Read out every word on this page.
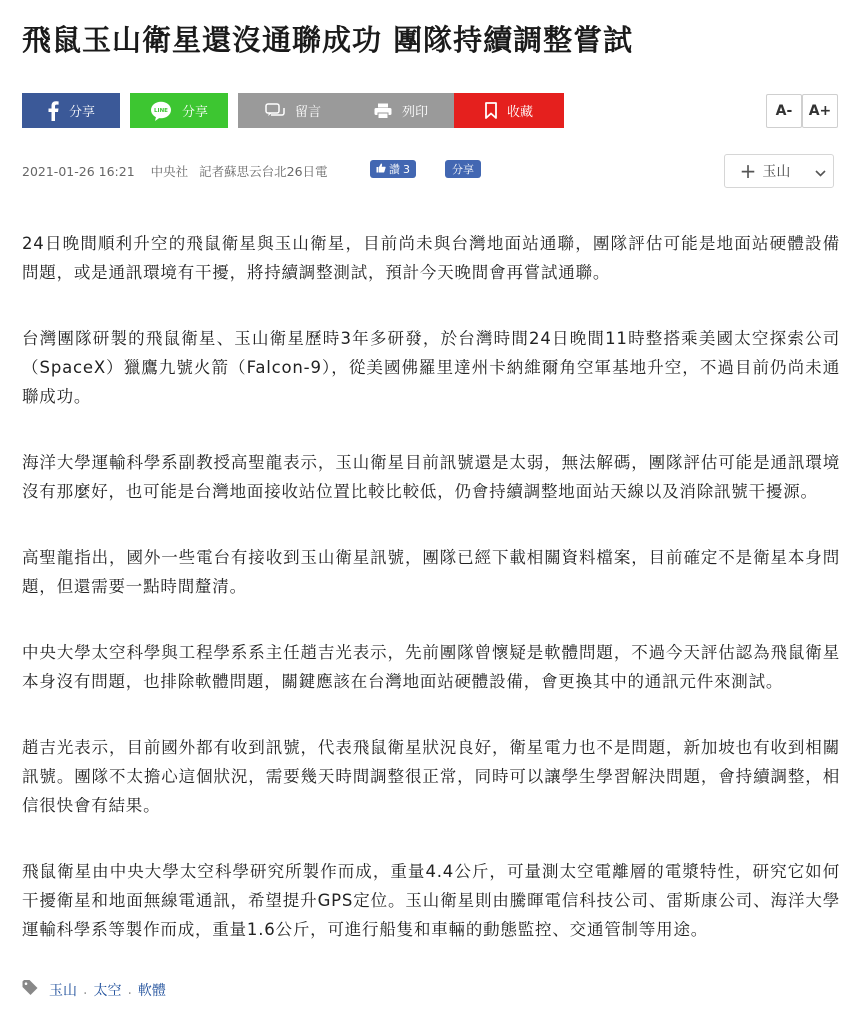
飛鼠玉山衛星還沒通聯成功 團隊持續調整嘗試
分享	LINE 分享	留言	列印	收藏	A-	A+
2021-01-26 16:21 中央社 記者蘇思云台北26日電	讚 3	分享	+ 玉山

24日晚間順利升空的飛鼠衛星與玉山衛星，目前尚未與台灣地面站通聯，團隊評估可能是地面站硬體設備問題，或是通訊環境有干擾，將持續調整測試，預計今天晚間會再嘗試通聯。

台灣團隊研製的飛鼠衛星、玉山衛星歷時3年多研發，於台灣時間24日晚間11時整搭乘美國太空探索公司（SpaceX）獵鷹九號火箭（Falcon-9），從美國佛羅里達州卡納維爾角空軍基地升空，不過目前仍尚未通聯成功。

海洋大學運輸科學系副教授高聖龍表示，玉山衛星目前訊號還是太弱，無法解碼，團隊評估可能是通訊環境沒有那麼好，也可能是台灣地面接收站位置比較比較低，仍會持續調整地面站天線以及消除訊號干擾源。

高聖龍指出，國外一些電台有接收到玉山衛星訊號，團隊已經下載相關資料檔案，目前確定不是衛星本身問題，但還需要一點時間釐清。

中央大學太空科學與工程學系系主任趙吉光表示，先前團隊曾懷疑是軟體問題，不過今天評估認為飛鼠衛星本身沒有問題，也排除軟體問題，關鍵應該在台灣地面站硬體設備，會更換其中的通訊元件來測試。

趙吉光表示，目前國外都有收到訊號，代表飛鼠衛星狀況良好，衛星電力也不是問題，新加坡也有收到相關訊號。團隊不太擔心這個狀況，需要幾天時間調整很正常，同時可以讓學生學習解決問題，會持續調整，相信很快會有結果。

飛鼠衛星由中央大學太空科學研究所製作而成，重量4.4公斤，可量測太空電離層的電漿特性，研究它如何干擾衛星和地面無線電通訊，希望提升GPS定位。玉山衛星則由騰暉電信科技公司、雷斯康公司、海洋大學運輸科學系等製作而成，重量1.6公斤，可進行船隻和車輛的動態監控、交通管制等用途。

玉山 . 太空 . 軟體
